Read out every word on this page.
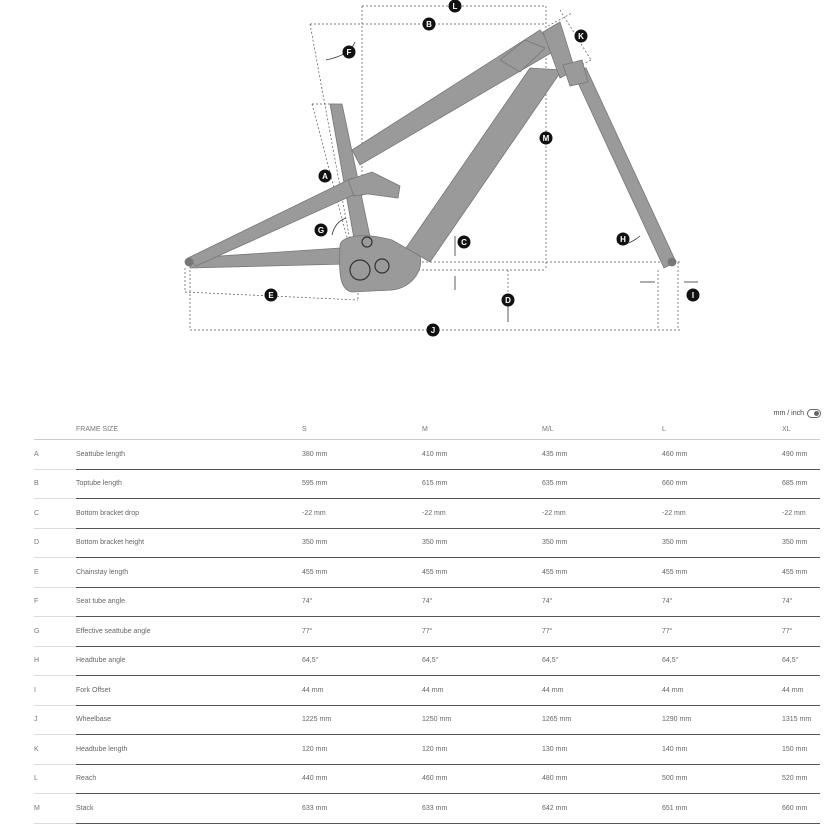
L
B
K
F
M
A
G
H
C
E	I
D
J
mm / inch
	FRAME SIZE	S	M	M/L	L	XL
A	Seattube length	380 mm	410 mm	435 mm	460 mm	490 mm
B	Toptube length	595 mm	615 mm	635 mm	660 mm	685 mm
C	Bottom bracket drop	-22 mm	-22 mm	-22 mm	-22 mm	-22 mm
D	Bottom bracket height	350 mm	350 mm	350 mm	350 mm	350 mm
E	Chainstay length	455 mm	455 mm	455 mm	455 mm	455 mm
F	Seat tube angle	74°	74°	74°	74°	74°
G	Effective seattube angle	77°	77°	77°	77°	77°
H	Headtube angle	64,5°	64,5°	64,5°	64,5°	64,5°
I	Fork Offset	44 mm	44 mm	44 mm	44 mm	44 mm
J	Wheelbase	1225 mm	1250 mm	1265 mm	1290 mm	1315 mm
K	Headtube length	120 mm	120 mm	130 mm	140 mm	150 mm
L	Reach	440 mm	460 mm	480 mm	500 mm	520 mm
M	Stack	633 mm	633 mm	642 mm	651 mm	660 mm
